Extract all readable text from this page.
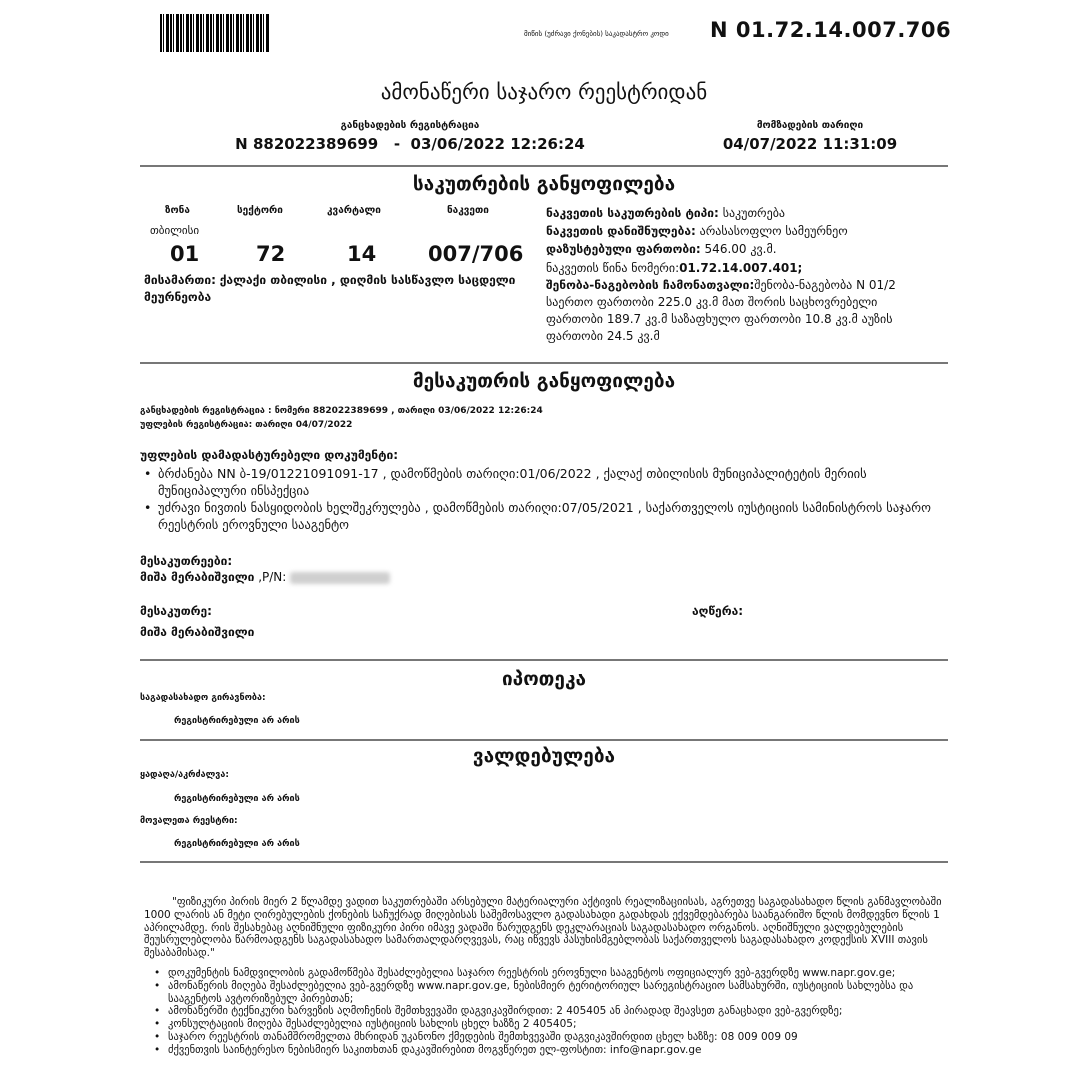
მიწის (უძრავი ქონების) საკადასტრო კოდი N 01.72.14.007.706
ამონაწერი საჯარო რეესტრიდან
განცხადების რეგისტრაცია
N 882022389699   -  03/06/2022 12:26:24
მომზადების თარიღი
04/07/2022 11:31:09
საკუთრების განყოფილება
ზონა	სექტორი	კვარტალი	ნაკვეთი
თბილისი
01	72	14 007/706
მისამართი: ქალაქი თბილისი , დიღმის სასწავლო საცდელი მეურნეობა
ნაკვეთის საკუთრების ტიპი: საკუთრება
ნაკვეთის დანიშნულება: არასასოფლო სამეურნეო
დაზუსტებული ფართობი: 546.00 კვ.მ.
ნაკვეთის წინა ნომერი:01.72.14.007.401;
შენობა-ნაგებობის ჩამონათვალი:შენობა-ნაგებობა N 01/2 საერთო ფართობი 225.0 კვ.მ მათ შორის საცხოვრებელი ფართობი 189.7 კვ.მ საზაფხულო ფართობი 10.8 კვ.მ აუზის ფართობი 24.5 კვ.მ
მესაკუთრის განყოფილება
განცხადების რეგისტრაცია : ნომერი 882022389699 , თარიღი 03/06/2022 12:26:24
უფლების რეგისტრაცია: თარიღი 04/07/2022
უფლების დამადასტურებელი დოკუმენტი:
• ბრძანება NN ბ-19/01221091091-17 , დამოწმების თარიღი:01/06/2022 , ქალაქ თბილისის მუნიციპალიტეტის მერიის მუნიციპალური ინსპექცია
• უძრავი ნივთის ნასყიდობის ხელშეკრულება , დამოწმების თარიღი:07/05/2021 , საქართველოს იუსტიციის სამინისტროს საჯარო რეესტრის ეროვნული სააგენტო
მესაკუთრეები:
მიშა მერაბიშვილი ,P/N:
მესაკუთრე:
მიშა მერაბიშვილი
აღწერა:
იპოთეკა
საგადასახადო გირავნობა:
რეგისტრირებული არ არის
ვალდებულება
ყადაღა/აკრძალვა:
რეგისტრირებული არ არის
მოვალეთა რეესტრი:
რეგისტრირებული არ არის
"ფიზიკური პირის მიერ 2 წლამდე ვადით საკუთრებაში არსებული მატერიალური აქტივის რეალიზაციისას, აგრეთვე საგადასახადო წლის განმავლობაში 1000 ლარის ან მეტი ღირებულების ქონების საჩუქრად მიღებისას საშემოსავლო გადასახადი გადახდას ექვემდებარება საანგარიშო წლის მომდევნო წლის 1 აპრილამდე. რის შესახებაც აღნიშნული ფიზიკური პირი იმავე ვადაში წარუდგენს დეკლარაციას საგადასახადო ორგანოს. აღნიშნული ვალდებულების შეუსრულებლობა წარმოადგენს საგადასახადო სამართალდარღვევას, რაც იწვევს პასუხისმგებლობას საქართველოს საგადასახადო კოდექსის XVIII თავის შესაბამისად."
• დოკუმენტის ნამდვილობის გადამოწმება შესაძლებელია საჯარო რეესტრის ეროვნული სააგენტოს ოფიციალურ ვებ-გვერდზე www.napr.gov.ge;
• ამონაწერის მიღება შესაძლებელია ვებ-გვერდზე www.napr.gov.ge, ნებისმიერ ტერიტორიულ სარეგისტრაციო სამსახურში, იუსტიციის სახლებსა და სააგენტოს ავტორიზებულ პირებთან;
• ამონაწერში ტექნიკური ხარვეზის აღმოჩენის შემთხვევაში დაგვიკავშირდით: 2 405405 ან პირადად შეავსეთ განაცხადი ვებ-გვერდზე;
• კონსულტაციის მიღება შესაძლებელია იუსტიციის სახლის ცხელ ხაზზე 2 405405;
• საჯარო რეესტრის თანამშრომელთა მხრიდან უკანონო ქმედების შემთხვევაში დაგვიკავშირდით ცხელ ხაზზე: 08 009 009 09
• ძქვენთვის საინტერესო ნებისმიერ საკითხთან დაკავშირებით მოგვწერეთ ელ-ფოსტით: info@napr.gov.ge
